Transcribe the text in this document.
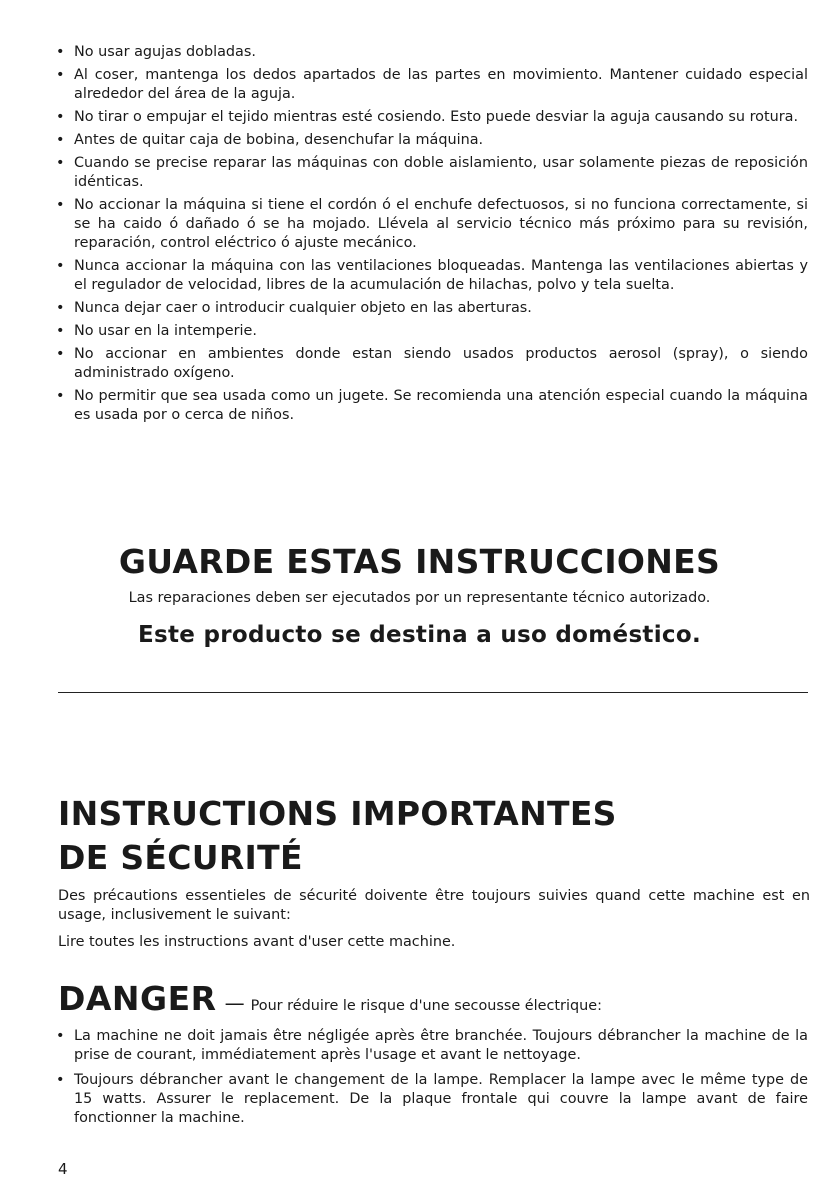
• No usar agujas dobladas.
• Al coser, mantenga los dedos apartados de las partes en movimiento. Mantener cuidado especial alrededor del área de la aguja.
• No tirar o empujar el tejido mientras esté cosiendo. Esto puede desviar la aguja causando su rotura.
• Antes de quitar caja de bobina, desenchufar la máquina.
• Cuando se precise reparar las máquinas con doble aislamiento, usar solamente piezas de reposición idénticas.
• No accionar la máquina si tiene el cordón ó el enchufe defectuosos, si no funciona correctamente, si se ha caido ó dañado ó se ha mojado. Llévela al servicio técnico más próximo para su revisión, reparación, control eléctrico ó ajuste mecánico.
• Nunca accionar la máquina con las ventilaciones bloqueadas. Mantenga las ventilaciones abiertas y el regulador de velocidad, libres de la acumulación de hilachas, polvo y tela suelta.
• Nunca dejar caer o introducir cualquier objeto en las aberturas.
• No usar en la intemperie.
• No accionar en ambientes donde estan siendo usados productos aerosol (spray), o siendo administrado oxígeno.
• No permitir que sea usada como un jugete. Se recomienda una atención especial cuando la máquina es usada por o cerca de niños.
GUARDE ESTAS INSTRUCCIONES

Las reparaciones deben ser ejecutados por un representante técnico autorizado.

Este producto se destina a uso doméstico.

INSTRUCTIONS IMPORTANTES
DE SÉCURITÉ

Des précautions essentieles de sécurité doivente être toujours suivies quand cette machine est en usage, inclusivement le suivant:

Lire toutes les instructions avant d'user cette machine.

DANGER — Pour réduire le risque d'une secousse électrique:

• La machine ne doit jamais être négligée après être branchée. Toujours débrancher la machine de la prise de courant, immédiatement après l'usage et avant le nettoyage.
• Toujours débrancher avant le changement de la lampe. Remplacer la lampe avec le même type de 15 watts. Assurer le replacement. De la plaque frontale qui couvre la lampe avant de faire fonctionner la machine.
4
